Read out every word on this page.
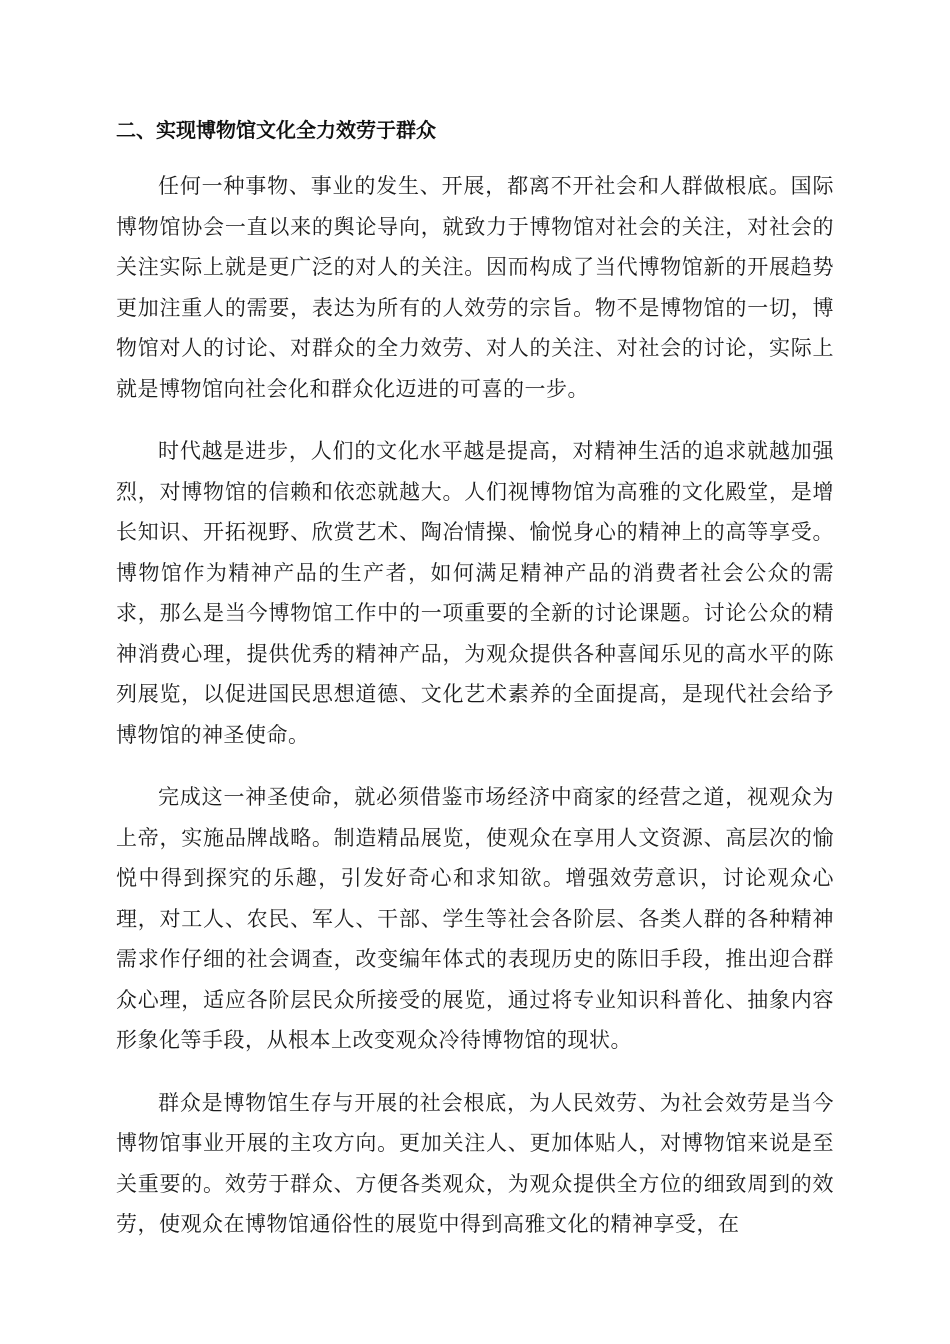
二、实现博物馆文化全力效劳于群众

任何一种事物、事业的发生、开展，都离不开社会和人群做根底。国际博物馆协会一直以来的舆论导向，就致力于博物馆对社会的关注，对社会的关注实际上就是更广泛的对人的关注。因而构成了当代博物馆新的开展趋势更加注重人的需要，表达为所有的人效劳的宗旨。物不是博物馆的一切，博物馆对人的讨论、对群众的全力效劳、对人的关注、对社会的讨论，实际上就是博物馆向社会化和群众化迈进的可喜的一步。

时代越是进步，人们的文化水平越是提高，对精神生活的追求就越加强烈，对博物馆的信赖和依恋就越大。人们视博物馆为高雅的文化殿堂，是增长知识、开拓视野、欣赏艺术、陶冶情操、愉悦身心的精神上的高等享受。博物馆作为精神产品的生产者，如何满足精神产品的消费者社会公众的需求，那么是当今博物馆工作中的一项重要的全新的讨论课题。讨论公众的精神消费心理，提供优秀的精神产品，为观众提供各种喜闻乐见的高水平的陈列展览，以促进国民思想道德、文化艺术素养的全面提高，是现代社会给予博物馆的神圣使命。

完成这一神圣使命，就必须借鉴市场经济中商家的经营之道，视观众为上帝，实施品牌战略。制造精品展览，使观众在享用人文资源、高层次的愉悦中得到探究的乐趣，引发好奇心和求知欲。增强效劳意识，讨论观众心理，对工人、农民、军人、干部、学生等社会各阶层、各类人群的各种精神需求作仔细的社会调查，改变编年体式的表现历史的陈旧手段，推出迎合群众心理，适应各阶层民众所接受的展览，通过将专业知识科普化、抽象内容形象化等手段，从根本上改变观众冷待博物馆的现状。

群众是博物馆生存与开展的社会根底，为人民效劳、为社会效劳是当今博物馆事业开展的主攻方向。更加关注人、更加体贴人，对博物馆来说是至关重要的。效劳于群众、方便各类观众，为观众提供全方位的细致周到的效劳，使观众在博物馆通俗性的展览中得到高雅文化的精神享受，在
